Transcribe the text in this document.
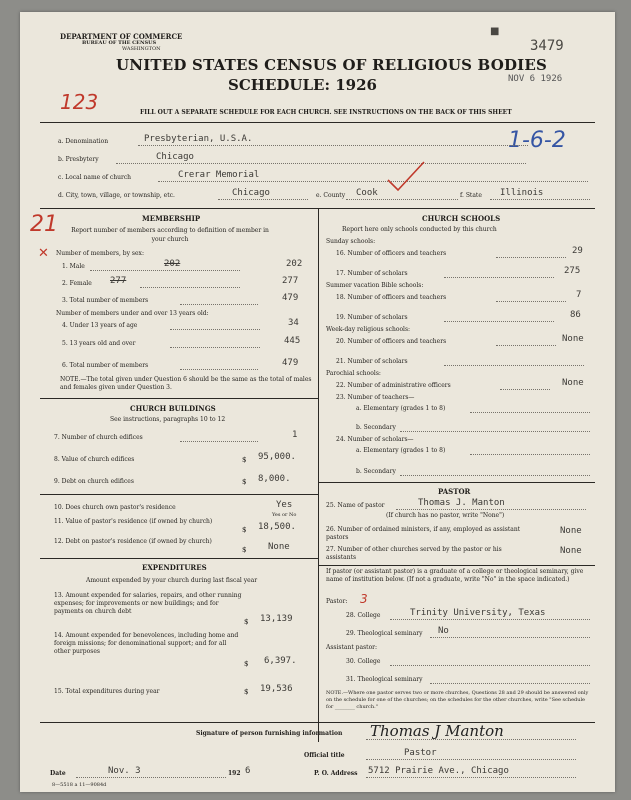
DEPARTMENT OF COMMERCE
BUREAU OF THE CENSUS
WASHINGTON	3479
■
UNITED STATES CENSUS OF RELIGIOUS BODIES
NOV 6 1926
SCHEDULE: 1926
123	FILL OUT A SEPARATE SCHEDULE FOR EACH CHURCH. SEE INSTRUCTIONS ON THE BACK OF THIS SHEET
1-6-2
a. Denomination	Presbyterian, U.S.A.
b. Presbytery	Chicago
c. Local name of church	Crerar Memorial
d. City, town, village, or township, etc.	Chicago	e. County Cook	f. State Illinois
21	MEMBERSHIP
Report number of members according to definition of member in your church
Number of members, by sex:
✕
1. Male	202	202
2. Female 277	277
3. Total number of members	479
Number of members under and over 13 years old:
4. Under 13 years of age	34
5. 13 years old and over	445
6. Total number of members	479
NOTE.—The total given under Question 6 should be the same as the total of males and females given under Question 3.
CHURCH BUILDINGS
See instructions, paragraphs 10 to 12
7. Number of church edifices	1
8. Value of church edifices	$ 95,000.
9. Debt on church edifices	$ 8,000.
10. Does church own pastor's residence	Yes
Yes or No
11. Value of pastor's residence (if owned by church)
$ 18,500.
12. Debt on pastor's residence (if owned by church)
$ None
EXPENDITURES
Amount expended by your church during last fiscal year
13. Amount expended for salaries, repairs, and other running expenses; for improvements or new buildings; and for payments on church debt
$ 13,139
14. Amount expended for benevolences, including home and foreign missions; for denominational support; and for all other purposes
$ 6,397.
15. Total expenditures during year	$ 19,536
CHURCH SCHOOLS
Report here only schools conducted by this church
Sunday schools:
16. Number of officers and teachers	29
17. Number of scholars	275
Summer vacation Bible schools:
18. Number of officers and teachers	7
19. Number of scholars	86
Week-day religious schools:
20. Number of officers and teachers	None
21. Number of scholars
Parochial schools:
22. Number of administrative officers	None
23. Number of teachers—
a. Elementary (grades 1 to 8)
b. Secondary
24. Number of scholars—
a. Elementary (grades 1 to 8)
b. Secondary
PASTOR
25. Name of pastor	Thomas J. Manton
(If church has no pastor, write "None")
26. Number of ordained ministers, if any, employed as assistant pastors
None
27. Number of other churches served by the pastor or his assistants
None
If pastor (or assistant pastor) is a graduate of a college or theological seminary, give name of institution below. (If not a graduate, write "No" in the space indicated.)
Pastor: 3
28. College	Trinity University, Texas
29. Theological seminary No
Assistant pastor:
30. College
31. Theological seminary
NOTE.—Where one pastor serves two or more churches, Questions 28 and 29 should be answered only on the schedule for one of the churches; on the schedules for the other churches, write "See schedule for ________ church."
Signature of person furnishing information Thomas J Manton
Official title	Pastor
Date	Nov. 3	192 6	P. O. Address 5712 Prairie Ave., Chicago
8—5518 a 11—9084d
